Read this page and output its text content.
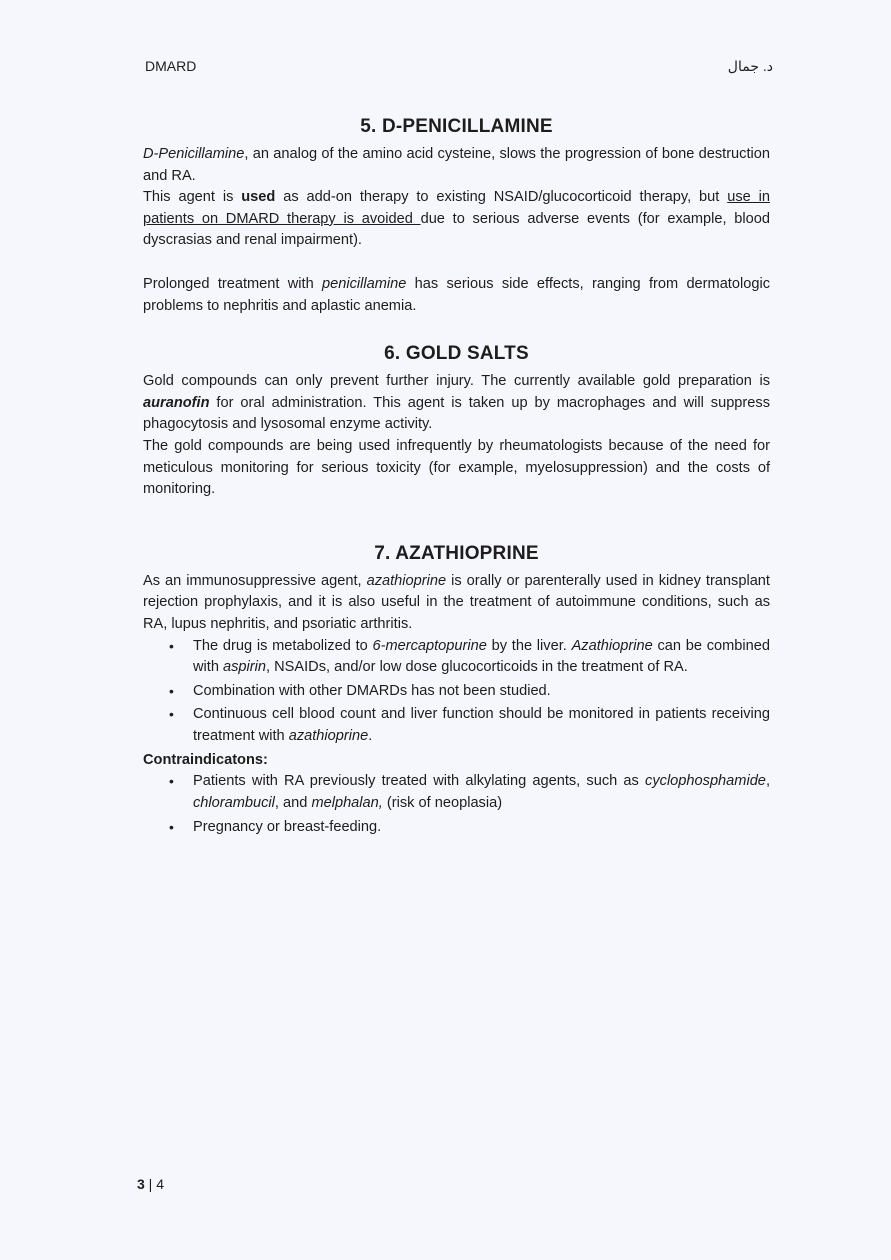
DMARD	د. جمال
5. D-PENICILLAMINE

D-Penicillamine, an analog of the amino acid cysteine, slows the progression of bone destruction and RA.

This agent is used as add-on therapy to existing NSAID/glucocorticoid therapy, but use in patients on DMARD therapy is avoided due to serious adverse events (for example, blood dyscrasias and renal impairment).

Prolonged treatment with penicillamine has serious side effects, ranging from dermatologic problems to nephritis and aplastic anemia.

6. GOLD SALTS

Gold compounds can only prevent further injury. The currently available gold preparation is auranofin for oral administration. This agent is taken up by macrophages and will suppress phagocytosis and lysosomal enzyme activity.

The gold compounds are being used infrequently by rheumatologists because of the need for meticulous monitoring for serious toxicity (for example, myelosuppression) and the costs of monitoring.

7. AZATHIOPRINE

As an immunosuppressive agent, azathioprine is orally or parenterally used in kidney transplant rejection prophylaxis, and it is also useful in the treatment of autoimmune conditions, such as RA, lupus nephritis, and psoriatic arthritis.

• The drug is metabolized to 6-mercaptopurine by the liver. Azathioprine can be combined with aspirin, NSAIDs, and/or low dose glucocorticoids in the treatment of RA.
• Combination with other DMARDs has not been studied.
• Continuous cell blood count and liver function should be monitored in patients receiving treatment with azathioprine.
Contraindicatons:
• Patients with RA previously treated with alkylating agents, such as cyclophosphamide, chlorambucil, and melphalan, (risk of neoplasia)
• Pregnancy or breast-feeding.
3 | 4
